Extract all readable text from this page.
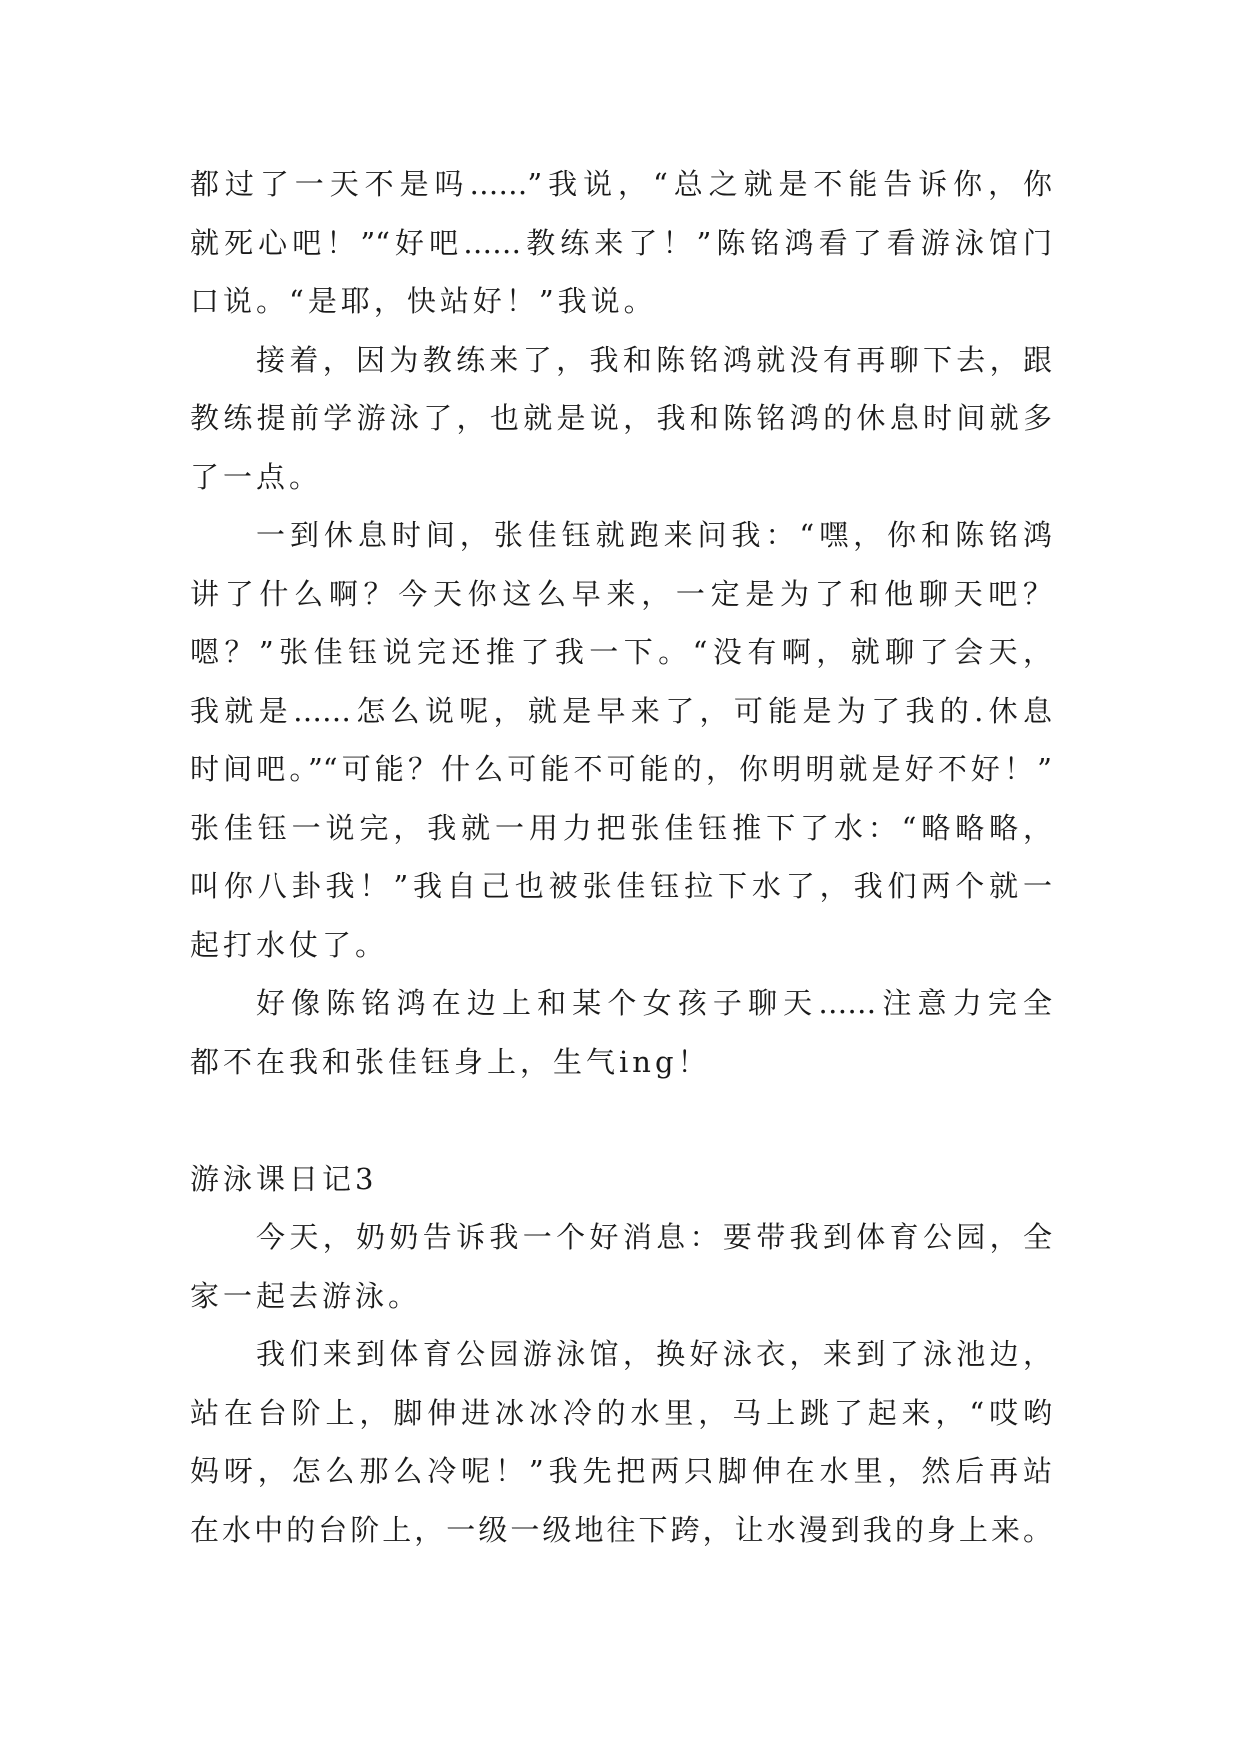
都过了一天不是吗……”我说，“总之就是不能告诉你，你
就死心吧！”“好吧……教练来了！”陈铭鸿看了看游泳馆门
口说。“是耶，快站好！”我说。
接着，因为教练来了，我和陈铭鸿就没有再聊下去，跟
教练提前学游泳了，也就是说，我和陈铭鸿的休息时间就多
了一点。
一到休息时间，张佳钰就跑来问我：“嘿，你和陈铭鸿
讲了什么啊？今天你这么早来，一定是为了和他聊天吧？
嗯？”张佳钰说完还推了我一下。“没有啊，就聊了会天，
我就是……怎么说呢，就是早来了，可能是为了我的.休息
时间吧。”“可能？什么可能不可能的，你明明就是好不好！”
张佳钰一说完，我就一用力把张佳钰推下了水：“略略略，
叫你八卦我！”我自己也被张佳钰拉下水了，我们两个就一
起打水仗了。
好像陈铭鸿在边上和某个女孩子聊天……注意力完全
都不在我和张佳钰身上，生气ing！
游泳课日记3
今天，奶奶告诉我一个好消息：要带我到体育公园，全
家一起去游泳。
我们来到体育公园游泳馆，换好泳衣，来到了泳池边，
站在台阶上，脚伸进冰冰冷的水里，马上跳了起来，“哎哟
妈呀，怎么那么冷呢！”我先把两只脚伸在水里，然后再站
在水中的台阶上，一级一级地往下跨，让水漫到我的身上来。
